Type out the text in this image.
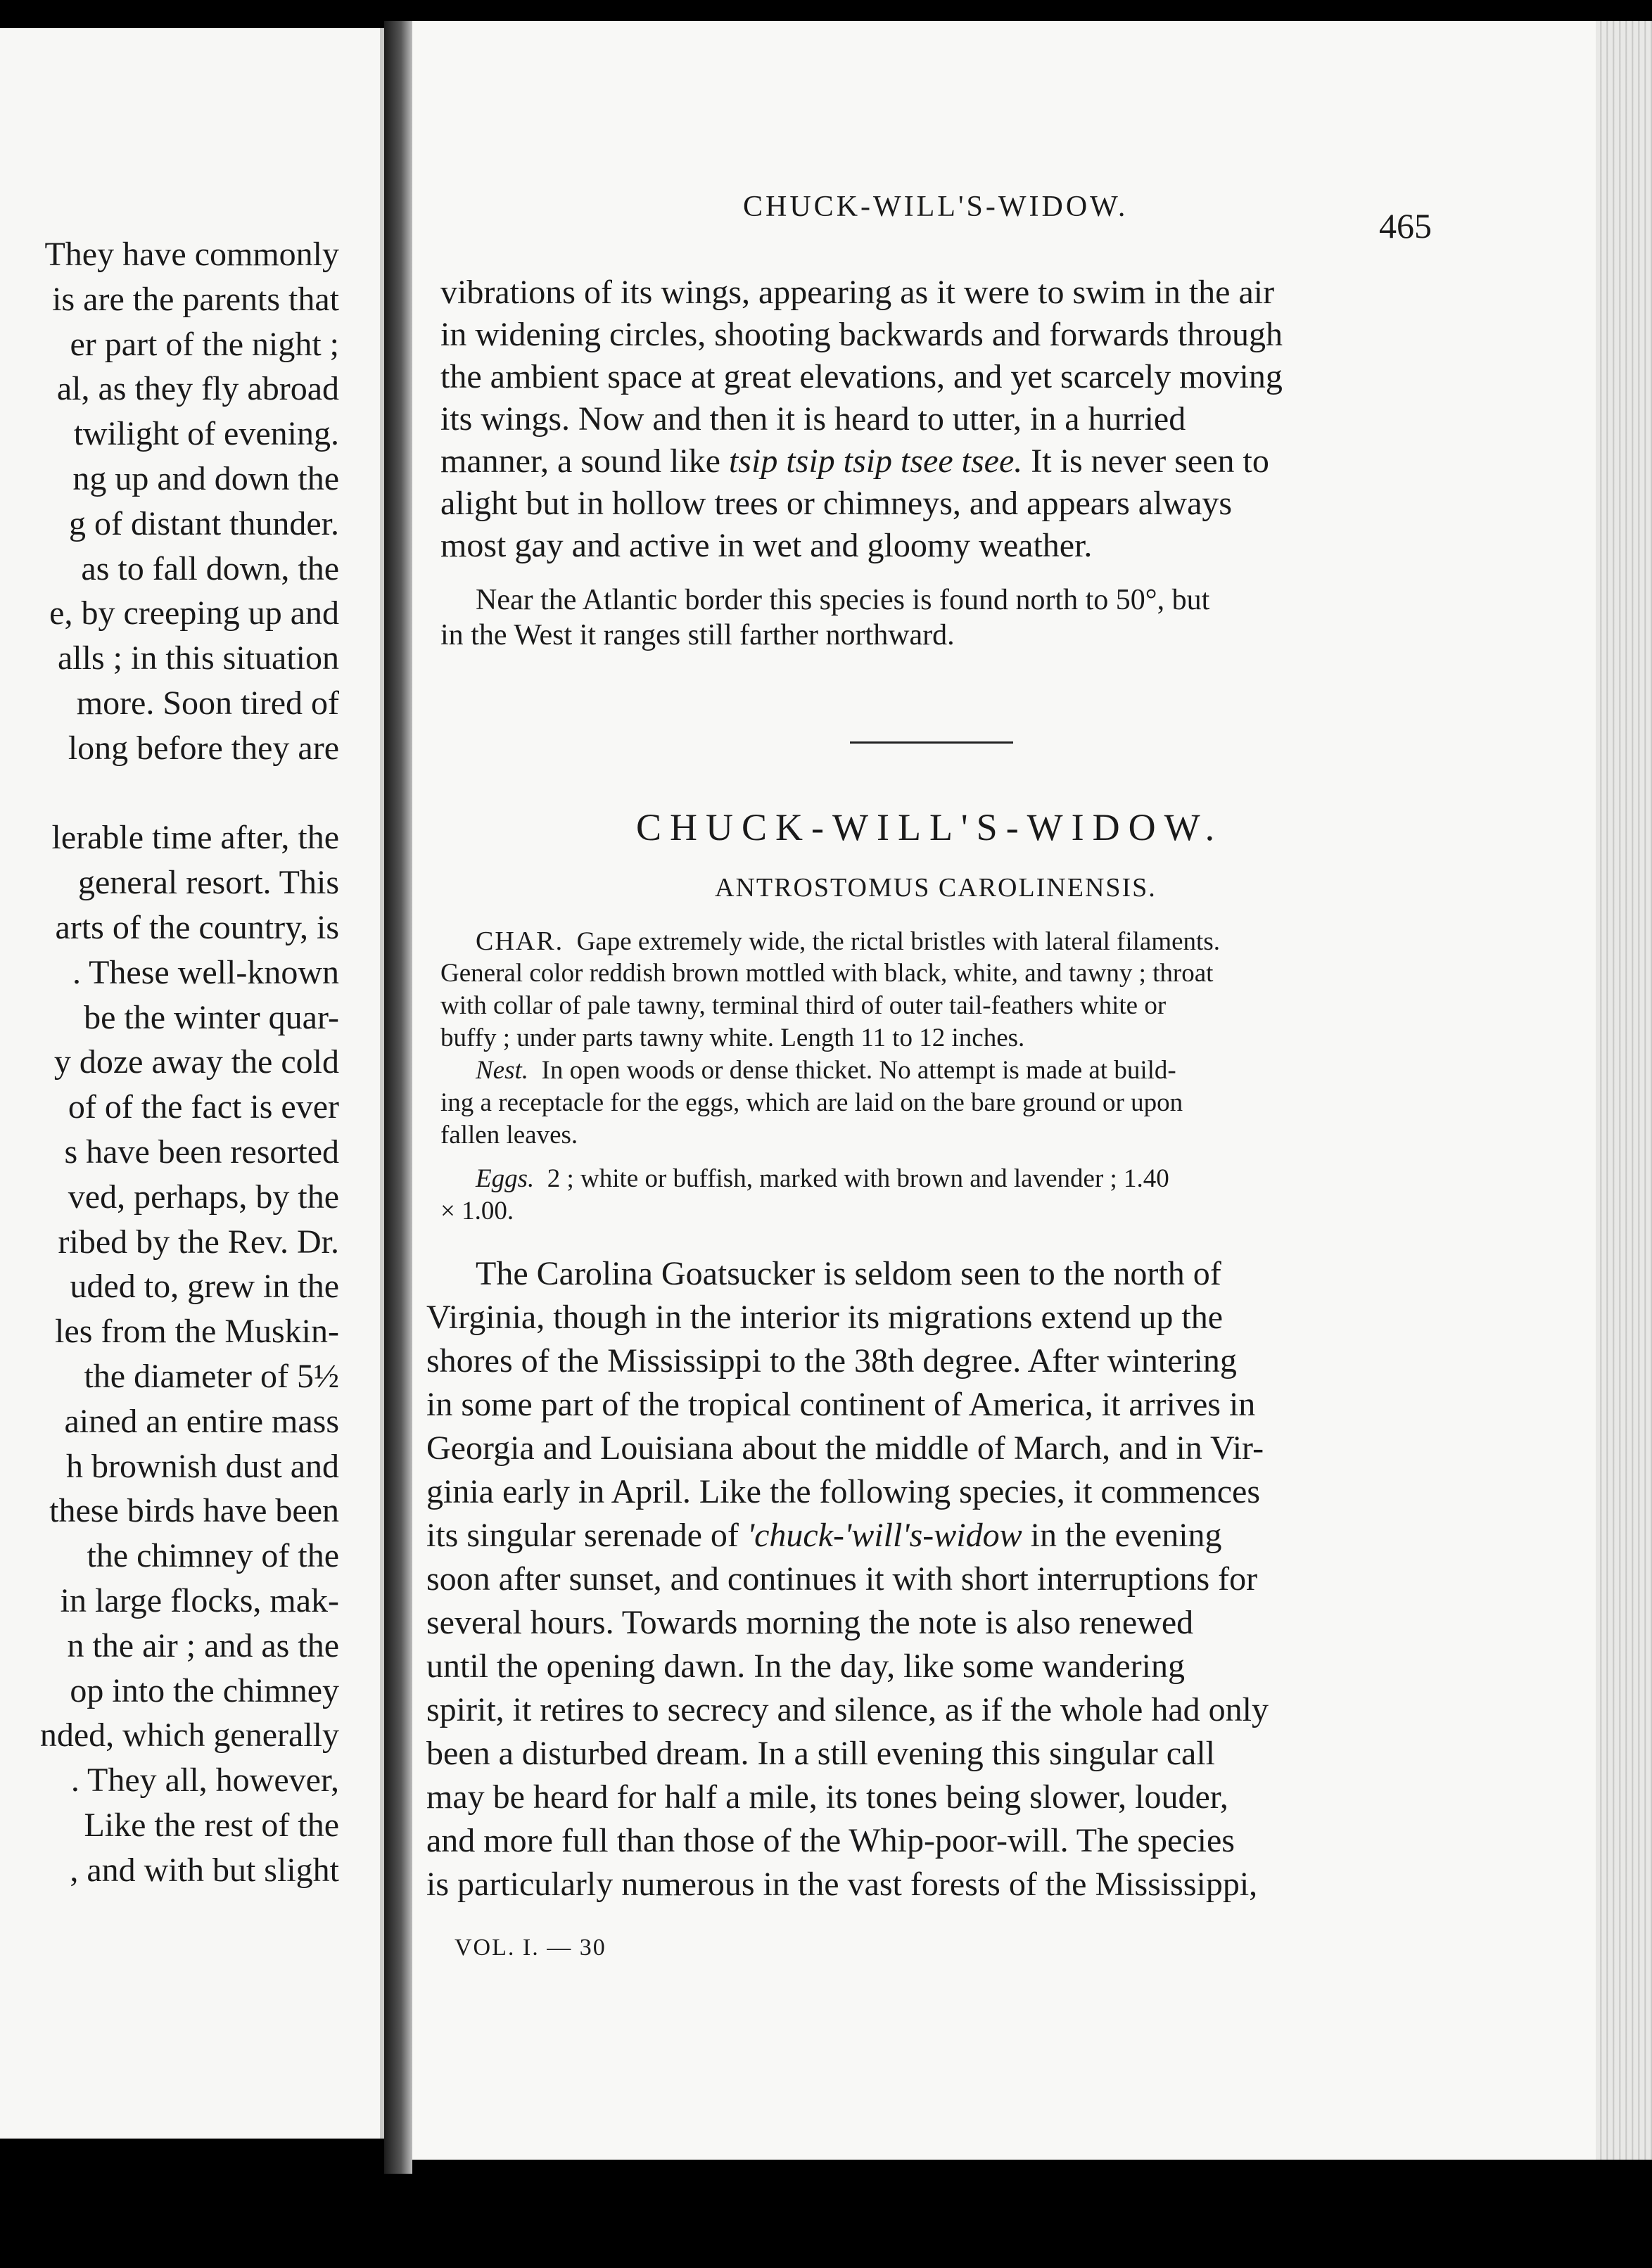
They have commonly
is are the parents that
er part of the night ;
al, as they fly abroad
twilight of evening.
ng up and down the
g of distant thunder.
as to fall down, the
e, by creeping up and
alls ; in this situation
more. Soon tired of
long before they are
lerable time after, the
general resort. This
arts of the country, is
. These well-known
be the winter quar-
y doze away the cold
of of the fact is ever
s have been resorted
ved, perhaps, by the
ribed by the Rev. Dr.
uded to, grew in the
les from the Muskin-
the diameter of 5½
ained an entire mass
h brownish dust and
these birds have been
the chimney of the
in large flocks, mak-
n the air ; and as the
op into the chimney
nded, which generally
. They all, however,
Like the rest of the
, and with but slight
CHUCK-WILL'S-WIDOW.	465
vibrations of its wings, appearing as it were to swim in the air
in widening circles, shooting backwards and forwards through
the ambient space at great elevations, and yet scarcely moving
its wings. Now and then it is heard to utter, in a hurried
manner, a sound like tsip tsip tsip tsee tsee. It is never seen to
alight but in hollow trees or chimneys, and appears always
most gay and active in wet and gloomy weather.
Near the Atlantic border this species is found north to 50°, but
in the West it ranges still farther northward.
CHUCK-WILL'S-WIDOW.
ANTROSTOMUS CAROLINENSIS.
CHAR. Gape extremely wide, the rictal bristles with lateral filaments.
General color reddish brown mottled with black, white, and tawny ; throat
with collar of pale tawny, terminal third of outer tail-feathers white or
buffy ; under parts tawny white. Length 11 to 12 inches.
Nest. In open woods or dense thicket. No attempt is made at build-
ing a receptacle for the eggs, which are laid on the bare ground or upon
fallen leaves.
Eggs. 2 ; white or buffish, marked with brown and lavender ; 1.40
× 1.00.
The Carolina Goatsucker is seldom seen to the north of
Virginia, though in the interior its migrations extend up the
shores of the Mississippi to the 38th degree. After wintering
in some part of the tropical continent of America, it arrives in
Georgia and Louisiana about the middle of March, and in Vir-
ginia early in April. Like the following species, it commences
its singular serenade of 'chuck-'will's-widow in the evening
soon after sunset, and continues it with short interruptions for
several hours. Towards morning the note is also renewed
until the opening dawn. In the day, like some wandering
spirit, it retires to secrecy and silence, as if the whole had only
been a disturbed dream. In a still evening this singular call
may be heard for half a mile, its tones being slower, louder,
and more full than those of the Whip-poor-will. The species
is particularly numerous in the vast forests of the Mississippi,
VOL. I. — 30
